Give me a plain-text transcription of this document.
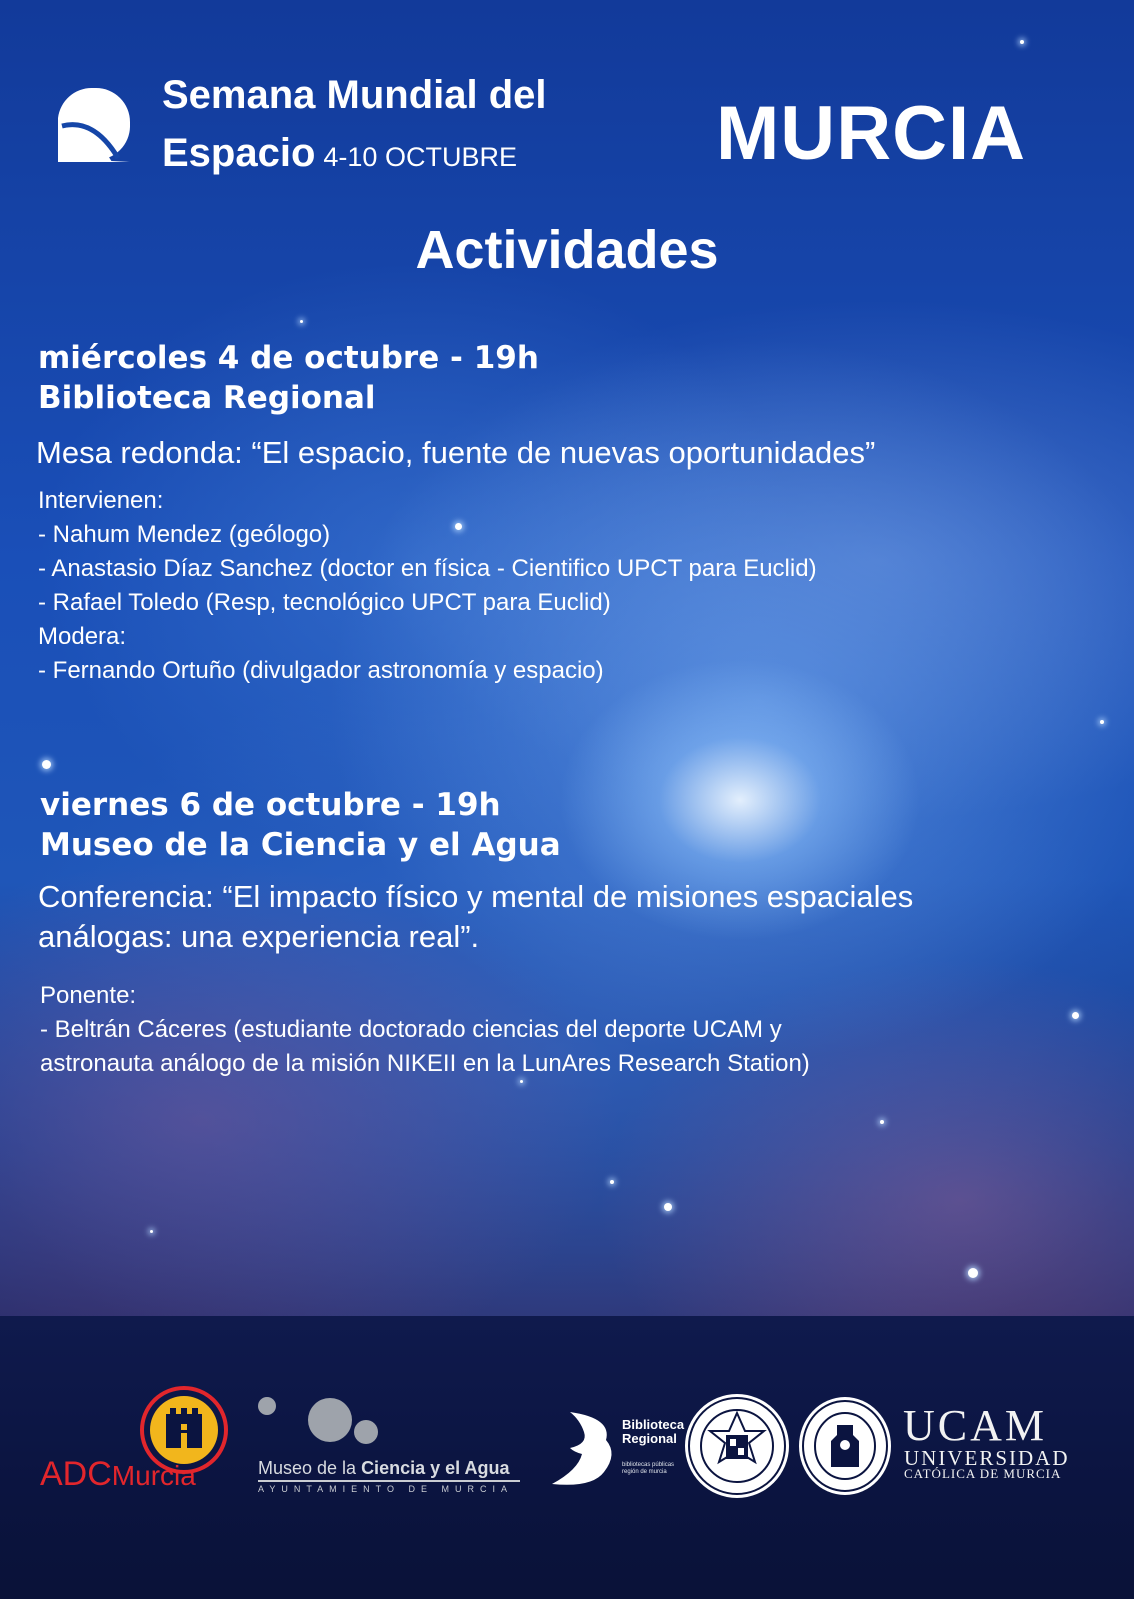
Semana Mundial del
Espacio 4-10 OCTUBRE	MURCIA
Actividades
miércoles 4 de octubre - 19h
Biblioteca Regional
Mesa redonda: “El espacio, fuente de nuevas oportunidades”
Intervienen:
- Nahum Mendez (geólogo)
- Anastasio Díaz Sanchez (doctor en física - Cientifico UPCT para Euclid)
- Rafael Toledo (Resp, tecnológico UPCT para Euclid)
Modera:
- Fernando Ortuño (divulgador astronomía y espacio)
viernes 6 de octubre - 19h
Museo de la Ciencia y el Agua
Conferencia: “El impacto físico y mental de misiones espaciales
análogas: una experiencia real”.
Ponente:
- Beltrán Cáceres (estudiante doctorado ciencias del deporte UCAM y
astronauta análogo de la misión NIKEII en la LunAres Research Station)
ADCMurcia	Museo de la Ciencia y el Agua
AYUNTAMIENTO DE MURCIA
Biblioteca
Regional
bibliotecas públicas
región de murcia
UCAM
UNIVERSIDAD
CATÓLICA DE MURCIA
